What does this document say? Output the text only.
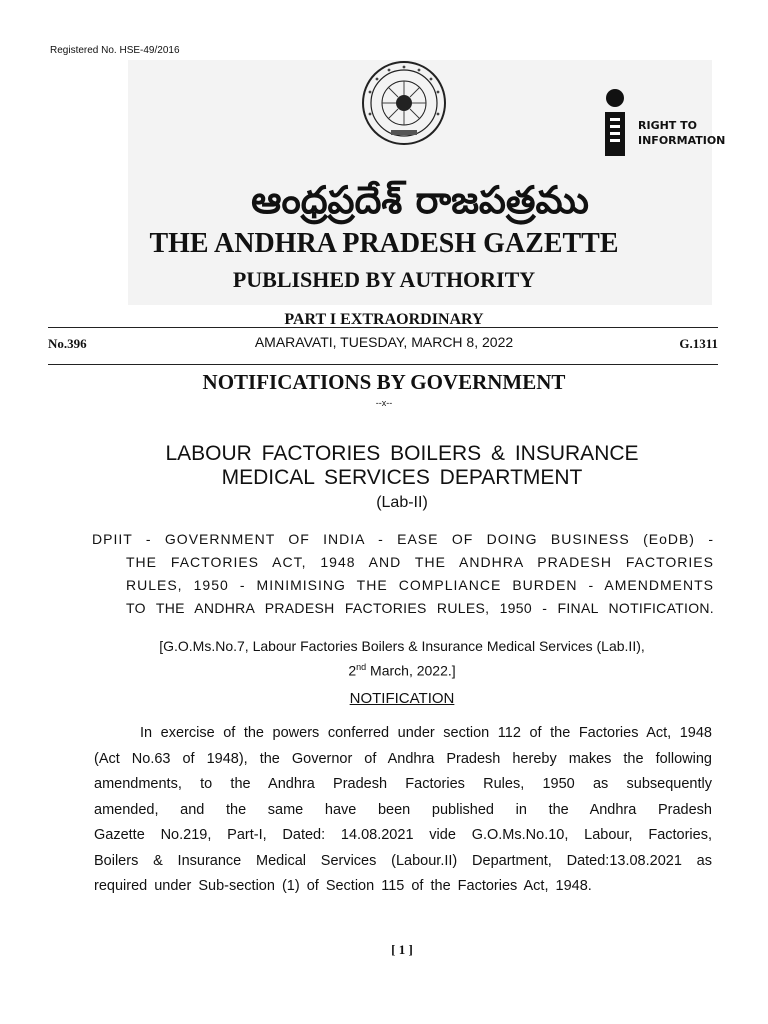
Registered No. HSE-49/2016
RIGHT TO
INFORMATION
ఆంధ్రప్రదేశ్ రాజపత్రము
THE ANDHRA PRADESH GAZETTE
PUBLISHED BY AUTHORITY
PART I EXTRAORDINARY
No.396	AMARAVATI, TUESDAY, MARCH 8, 2022	G.1311
NOTIFICATIONS BY GOVERNMENT
--x--
LABOUR FACTORIES BOILERS & INSURANCE
MEDICAL SERVICES DEPARTMENT
(Lab-II)
DPIIT - GOVERNMENT OF INDIA - EASE OF DOING BUSINESS (EoDB) -
THE FACTORIES ACT, 1948 AND THE ANDHRA PRADESH FACTORIES
RULES, 1950 - MINIMISING THE COMPLIANCE BURDEN - AMENDMENTS
TO THE ANDHRA PRADESH FACTORIES RULES, 1950 - FINAL NOTIFICATION.
[G.O.Ms.No.7, Labour Factories Boilers & Insurance Medical Services (Lab.II),
2nd March, 2022.]
NOTIFICATION
In exercise of the powers conferred under section 112 of the Factories Act, 1948
(Act No.63 of 1948), the Governor of Andhra Pradesh hereby makes the following
amendments, to the Andhra Pradesh Factories Rules, 1950 as subsequently
amended, and the same have been published in the Andhra Pradesh
Gazette No.219, Part-I, Dated: 14.08.2021 vide G.O.Ms.No.10, Labour, Factories,
Boilers & Insurance Medical Services (Labour.II) Department, Dated:13.08.2021 as
required under Sub-section (1) of Section 115 of the Factories Act, 1948.
[ 1 ]
